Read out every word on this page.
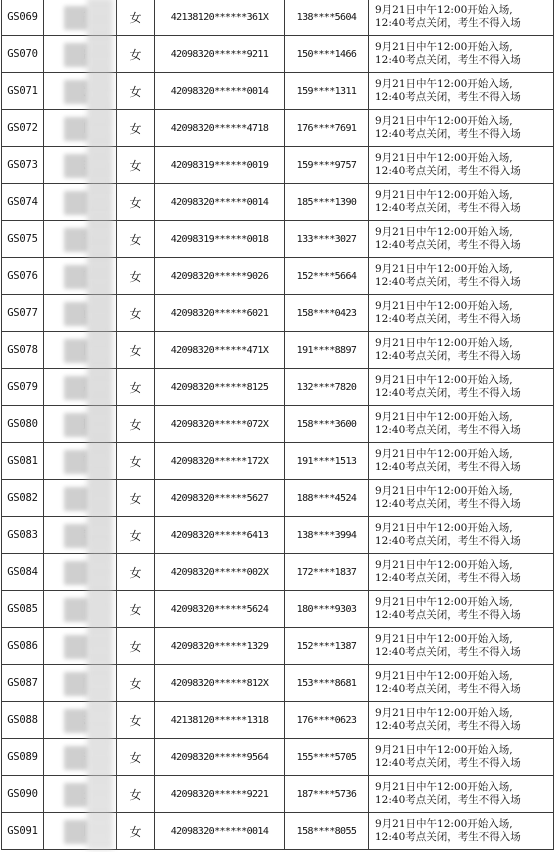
GS069		女	42138120******361X	138****5604	9月21日中午12:00开始入场,
12:40考点关闭，考生不得入场

GS070		女	42098320******9211	150****1466	9月21日中午12:00开始入场,
12:40考点关闭，考生不得入场

GS071		女	42098320******0014	159****1311	9月21日中午12:00开始入场,
12:40考点关闭，考生不得入场

GS072		女	42098320******4718	176****7691	9月21日中午12:00开始入场,
12:40考点关闭，考生不得入场

GS073		女	42098319******0019	159****9757	9月21日中午12:00开始入场,
12:40考点关闭，考生不得入场

GS074		女	42098320******0014	185****1390	9月21日中午12:00开始入场,
12:40考点关闭，考生不得入场

GS075		女	42098319******0018	133****3027	9月21日中午12:00开始入场,
12:40考点关闭，考生不得入场

GS076		女	42098320******9026	152****5664	9月21日中午12:00开始入场,
12:40考点关闭，考生不得入场

GS077		女	42098320******6021	158****0423	9月21日中午12:00开始入场,
12:40考点关闭，考生不得入场

GS078		女	42098320******471X	191****8897	9月21日中午12:00开始入场,
12:40考点关闭，考生不得入场

GS079		女	42098320******8125	132****7820	9月21日中午12:00开始入场,
12:40考点关闭，考生不得入场

GS080		女	42098320******072X	158****3600	9月21日中午12:00开始入场,
12:40考点关闭，考生不得入场

GS081		女	42098320******172X	191****1513	9月21日中午12:00开始入场,
12:40考点关闭，考生不得入场

GS082		女	42098320******5627	188****4524	9月21日中午12:00开始入场,
12:40考点关闭，考生不得入场

GS083		女	42098320******6413	138****3994	9月21日中午12:00开始入场,
12:40考点关闭，考生不得入场

GS084		女	42098320******002X	172****1837	9月21日中午12:00开始入场,
12:40考点关闭，考生不得入场

GS085		女	42098320******5624	180****9303	9月21日中午12:00开始入场,
12:40考点关闭，考生不得入场

GS086		女	42098320******1329	152****1387	9月21日中午12:00开始入场,
12:40考点关闭，考生不得入场

GS087		女	42098320******812X	153****8681	9月21日中午12:00开始入场,
12:40考点关闭，考生不得入场

GS088		女	42138120******1318	176****0623	9月21日中午12:00开始入场,
12:40考点关闭，考生不得入场

GS089		女	42098320******9564	155****5705	9月21日中午12:00开始入场,
12:40考点关闭，考生不得入场

GS090		女	42098320******9221	187****5736	9月21日中午12:00开始入场,
12:40考点关闭，考生不得入场

GS091		女	42098320******0014	158****8055	9月21日中午12:00开始入场,
12:40考点关闭，考生不得入场
